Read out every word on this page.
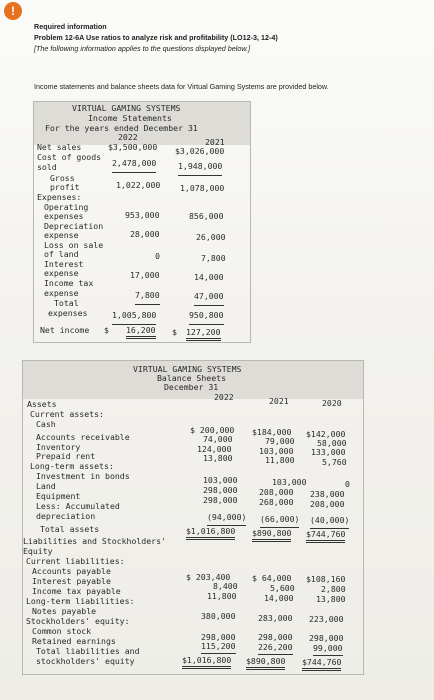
!
Required information
Problem 12-6A Use ratios to analyze risk and profitability (LO12-3, 12-4)
[The following information applies to the questions displayed below.]
Income statements and balance sheets data for Virtual Gaming Systems are provided below.
VIRTUAL GAMING SYSTEMS
Income Statements
For the years ended December 31
2022	2021
Net sales	$3,500,000 $3,026,000
Cost of goods
sold	2,478,000	1,948,000
Gross
profit	1,022,000 1,078,000
Expenses:
Operating
expenses	953,000	856,000
Depreciation
expense	28,000	26,000
Loss on sale
of land	0	7,800
Interest
expense	17,000	14,000
Income tax
expense	7,800	47,000
Total
expenses	1,005,800	950,800
Net income $ 16,200 $ 127,200
VIRTUAL GAMING SYSTEMS
Balance Sheets
December 31
2022	2021	2020
Assets
Current assets:
Cash
$ 200,000 $184,000 $142,000
Accounts receivable	74,000	79,000	58,000
Inventory	124,000	103,000 133,000
Prepaid rent	13,800	11,800	5,760
Long-term assets:
Investment in bonds	103,000	103,000	0
Land	298,000	208,000 238,000
Equipment	298,000	268,000 208,000
Less: Accumulated
depreciation	(94,000) (66,000) (40,000)
Total assets	$1,016,800 $890,800 $744,760
Liabilities and Stockholders'
Equity
Current liabilities:
Accounts payable
$ 203,400	$ 64,000 $108,160
Interest payable	8,400	5,600	2,800
Income tax payable	11,800	14,000	13,800
Long-term liabilities:
Notes payable	380,000	283,000 223,000
Stockholders' equity:
Common stock
298,000	298,000 298,000
Retained earnings	115,200	226,200 99,000
Total liabilities and
stockholders' equity	$1,016,800 $890,800 $744,760
